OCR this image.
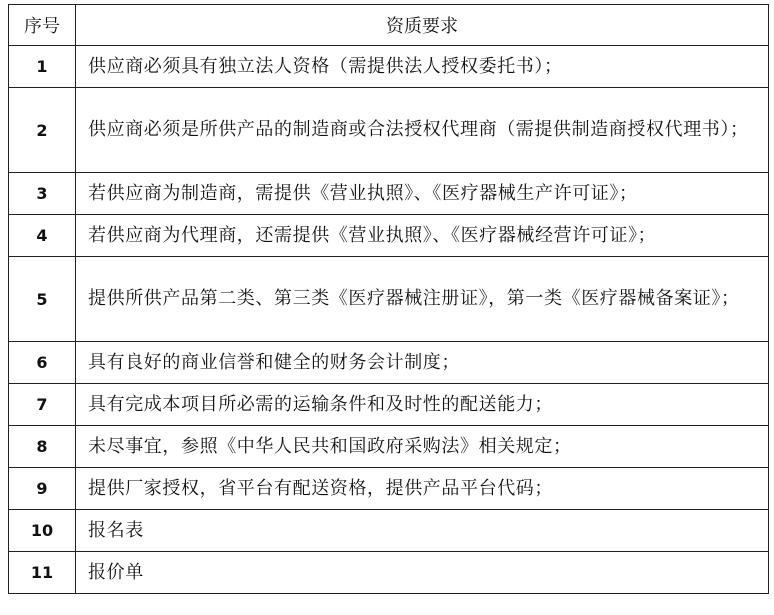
序号	资质要求
1	供应商必须具有独立法人资格（需提供法人授权委托书）；
2	供应商必须是所供产品的制造商或合法授权代理商（需提供制造商授权代理书）；
3	若供应商为制造商，需提供《营业执照》、《医疗器械生产许可证》；
4	若供应商为代理商，还需提供《营业执照》、《医疗器械经营许可证》；
5	提供所供产品第二类、第三类《医疗器械注册证》，第一类《医疗器械备案证》；
6	具有良好的商业信誉和健全的财务会计制度；
7	具有完成本项目所必需的运输条件和及时性的配送能力；
8	未尽事宜，参照《中华人民共和国政府采购法》相关规定；
9	提供厂家授权，省平台有配送资格，提供产品平台代码；
10	报名表
11	报价单
